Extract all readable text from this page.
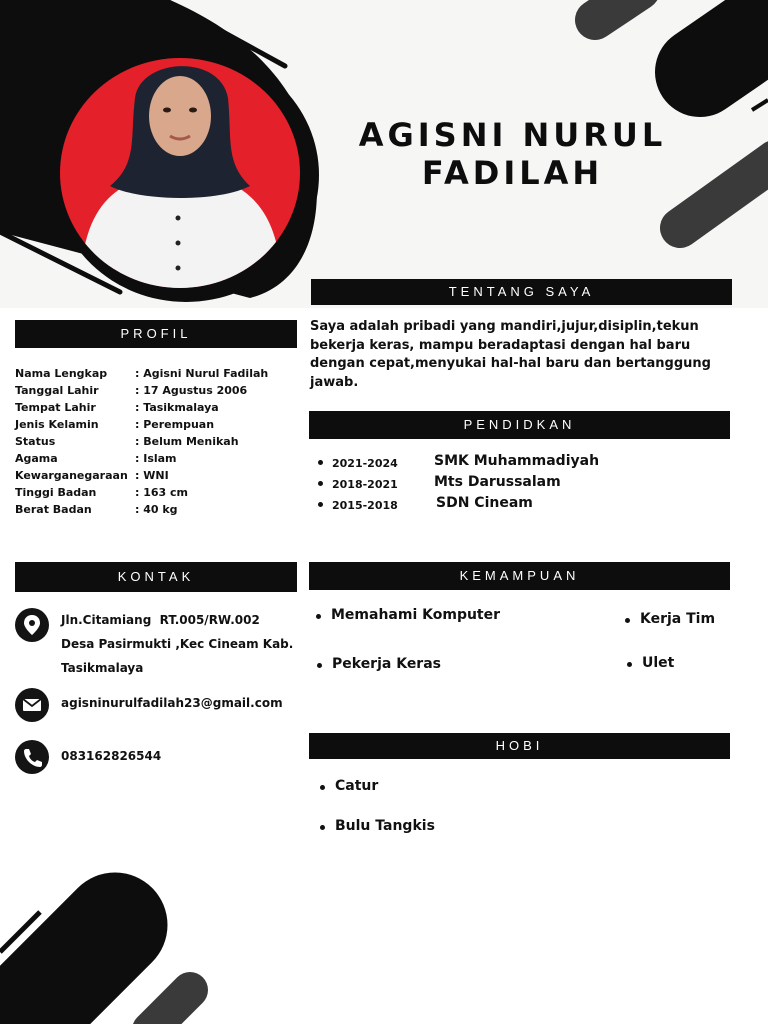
AGISNI NURUL
FADILAH
TENTANG SAYA
Saya adalah pribadi yang mandiri,jujur,disiplin,tekun bekerja keras, mampu beradaptasi dengan hal baru dengan cepat,menyukai hal-hal baru dan bertanggung jawab.
PROFIL
Nama Lengkap	: Agisni Nurul Fadilah
Tanggal Lahir	: 17 Agustus 2006
Tempat Lahir	: Tasikmalaya
Jenis Kelamin	: Perempuan
Status	: Belum Menikah
Agama	: Islam
Kewarganegaraan : WNI
Tinggi Badan	: 163 cm
Berat Badan	: 40 kg
PENDIDKAN
2021-2024	SMK Muhammadiyah
2018-2021	Mts Darussalam
2015-2018	SDN Cineam
KONTAK
Jln.Citamiang  RT.005/RW.002
Desa Pasirmukti ,Kec Cineam Kab.
Tasikmalaya
agisninurulfadilah23@gmail.com
083162826544
KEMAMPUAN
Memahami Komputer	Kerja Tim
Pekerja Keras	Ulet
HOBI
Catur
Bulu Tangkis
